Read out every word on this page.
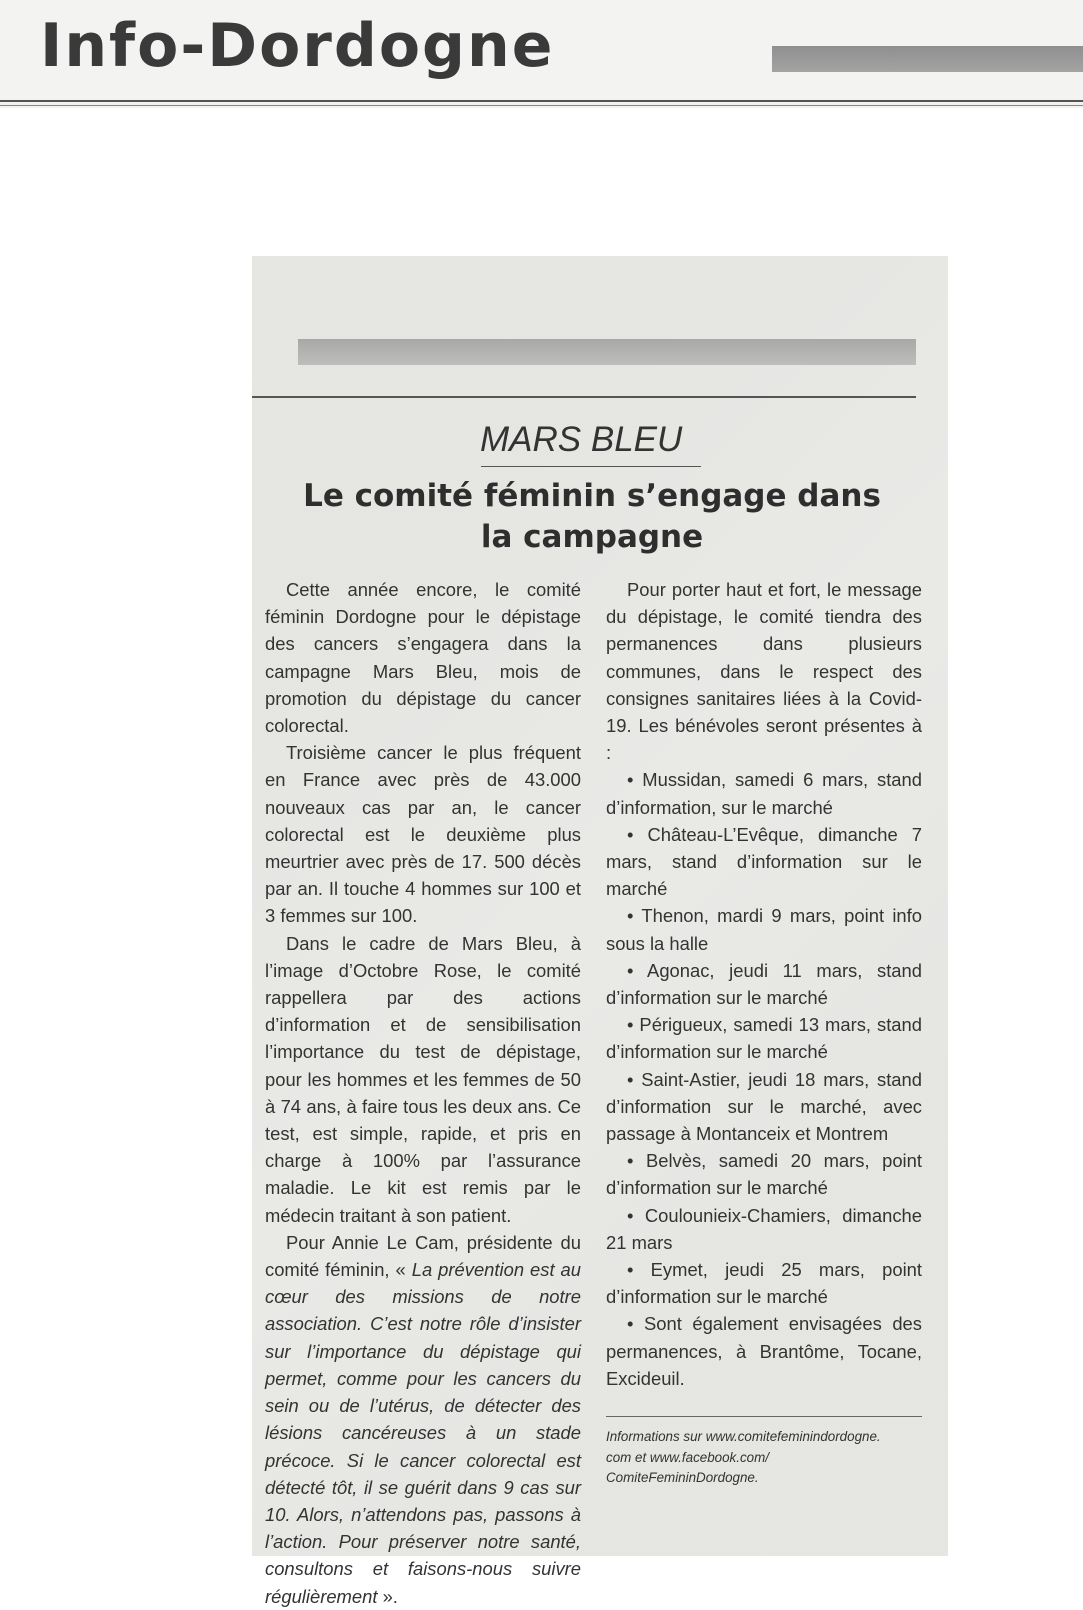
Info-Dordogne
MARS BLEU
Le comité féminin s’engage dans la campagne

Cette année encore, le comité féminin Dordogne pour le dépistage des cancers s’engagera dans la campagne Mars Bleu, mois de promotion du dépistage du cancer colorectal.

Troisième cancer le plus fréquent en France avec près de 43.000 nouveaux cas par an, le cancer colorectal est le deuxième plus meurtrier avec près de 17. 500 décès par an. Il touche 4 hommes sur 100 et 3 femmes sur 100.

Dans le cadre de Mars Bleu, à l’image d’Octobre Rose, le comité rappellera par des actions d’information et de sensibilisation l’importance du test de dépistage, pour les hommes et les femmes de 50 à 74 ans, à faire tous les deux ans. Ce test, est simple, rapide, et pris en charge à 100% par l’assurance maladie. Le kit est remis par le médecin traitant à son patient.

Pour Annie Le Cam, présidente du comité féminin, « La prévention est au cœur des missions de notre association. C’est notre rôle d’insister sur l’importance du dépistage qui permet, comme pour les cancers du sein ou de l’utérus, de détecter des lésions cancéreuses à un stade précoce. Si le cancer colorectal est détecté tôt, il se guérit dans 9 cas sur 10. Alors, n’attendons pas, passons à l’action. Pour préserver notre santé, consultons et faisons-nous suivre régulièrement ».

Pour porter haut et fort, le message du dépistage, le comité tiendra des permanences dans plusieurs communes, dans le respect des consignes sanitaires liées à la Covid-19. Les bénévoles seront présentes à :

• Mussidan, samedi 6 mars, stand d’information, sur le marché

• Château-L’Evêque, dimanche 7 mars, stand d’information sur le marché

• Thenon, mardi 9 mars, point info sous la halle

• Agonac, jeudi 11 mars, stand d’information sur le marché

• Périgueux, samedi 13 mars, stand d’information sur le marché

• Saint-Astier, jeudi 18 mars, stand d’information sur le marché, avec passage à Montanceix et Montrem

• Belvès, samedi 20 mars, point d’information sur le marché

• Coulounieix-Chamiers, dimanche 21 mars

• Eymet, jeudi 25 mars, point d’information sur le marché

• Sont également envisagées des permanences, à Brantôme, Tocane, Excideuil.

Informations sur www.comitefeminindordogne.
com et www.facebook.com/
ComiteFemininDordogne.
